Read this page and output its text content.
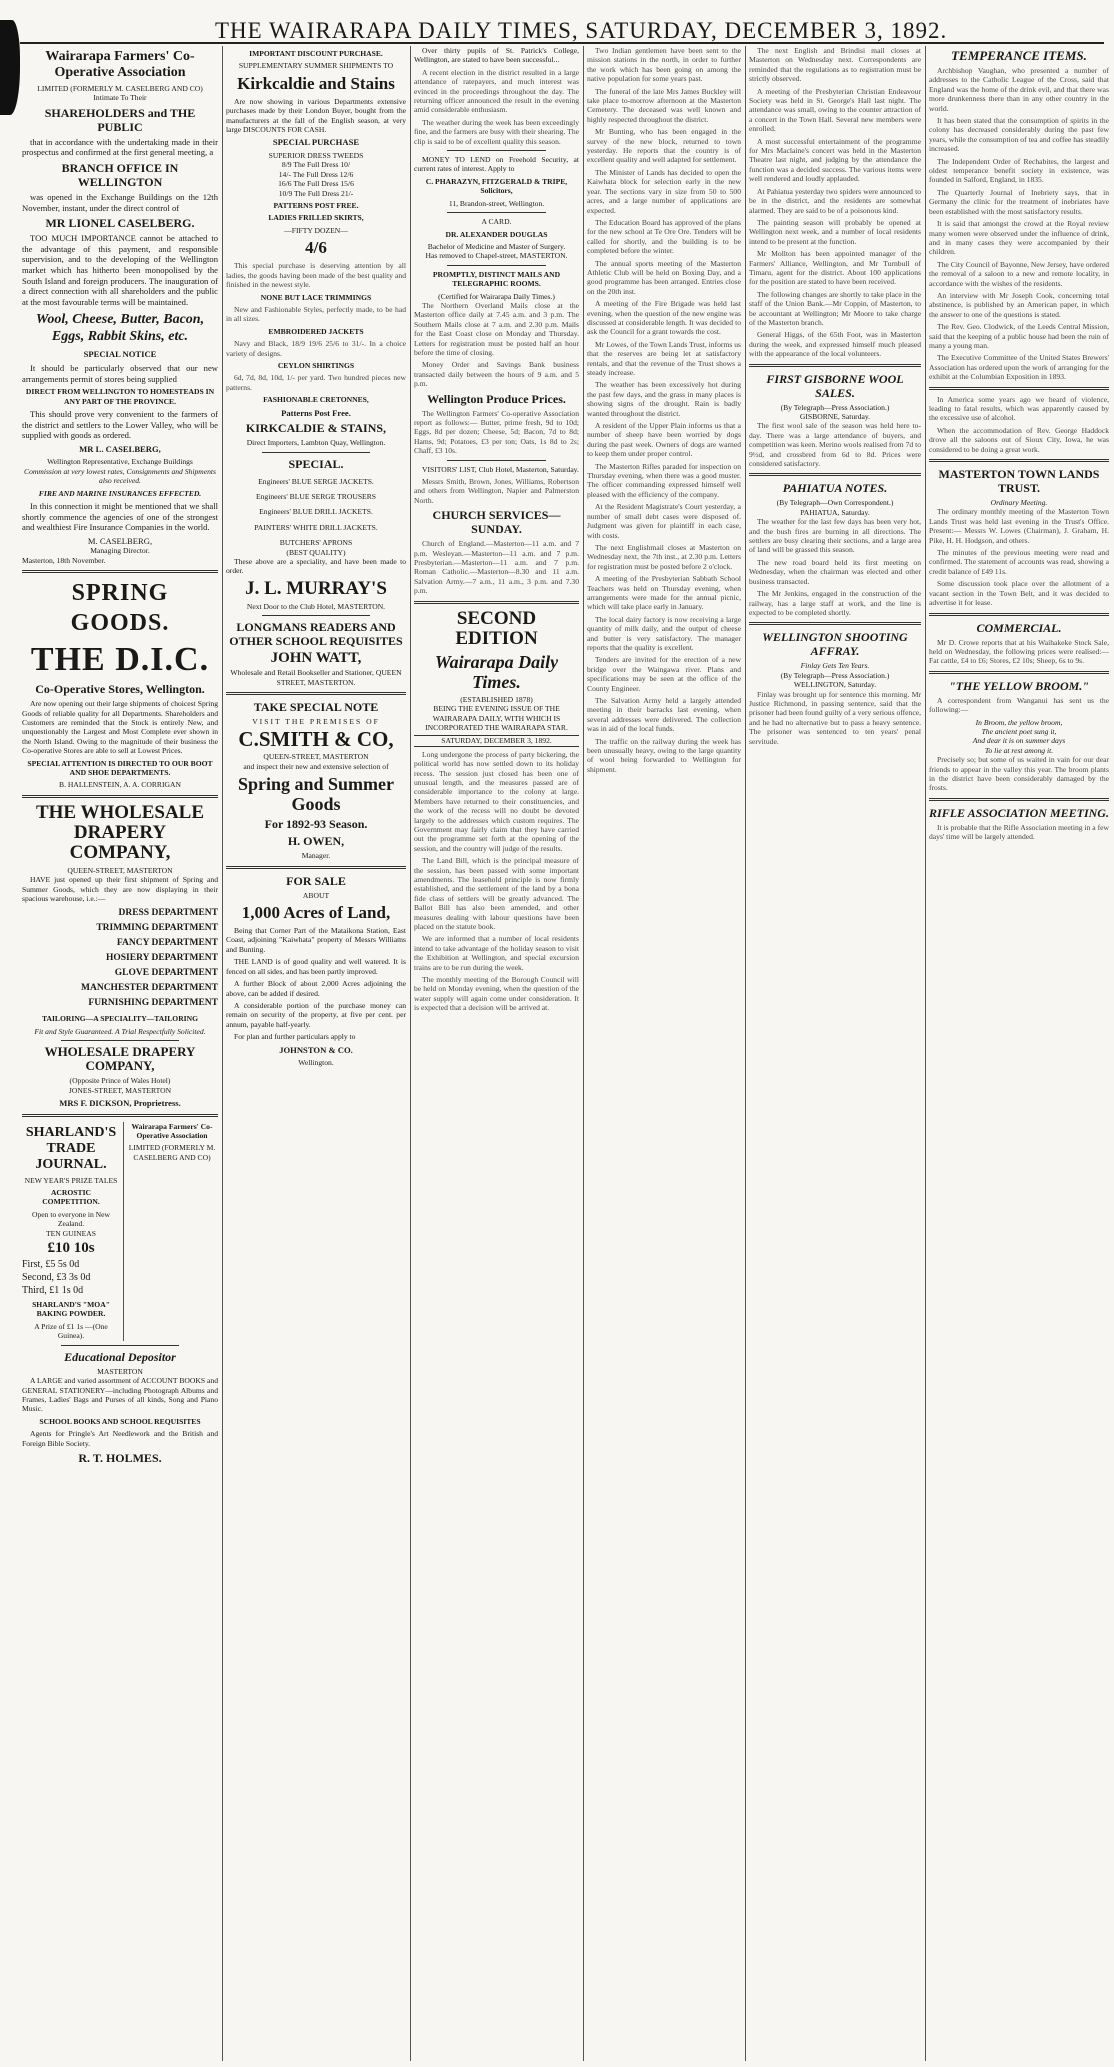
THE WAIRARAPA DAILY TIMES, SATURDAY, DECEMBER 3, 1892.
Wairarapa Farmers' Co-Operative Association
LIMITED (FORMERLY M. CASELBERG AND CO)
Intimate To Their
SHAREHOLDERS and THE PUBLIC

that in accordance with the undertaking made in their prospectus and confirmed at the first general meeting, a

BRANCH OFFICE IN WELLINGTON

was opened in the Exchange Buildings on the 12th November, instant, under the direct control of

MR LIONEL CASELBERG.

TOO MUCH IMPORTANCE cannot be attached to the advantage of this payment, and responsible supervision, and to the developing of the Wellington market which has hitherto been monopolised by the South Island and foreign producers. The inauguration of a direct connection with all shareholders and the public at the most favourable terms will be maintained.

Wool, Cheese, Butter, Bacon, Eggs, Rabbit Skins, etc.
SPECIAL NOTICE

It should be particularly observed that our new arrangements permit of stores being supplied

DIRECT FROM WELLINGTON TO HOMESTEADS IN ANY PART OF THE PROVINCE.

This should prove very convenient to the farmers of the district and settlers to the Lower Valley, who will be supplied with goods as ordered.

MR L. CASELBERG,
Wellington Representative, Exchange Buildings
Commission at very lowest rates, Consignments and Shipments also received.
FIRE AND MARINE INSURANCES EFFECTED.

In this connection it might be mentioned that we shall shortly commence the agencies of one of the strongest and wealthiest Fire Insurance Companies in the world.

M. CASELBERG,
Managing Director.
Masterton, 18th November.
SPRING GOODS.
THE D.I.C.
Co-Operative Stores, Wellington.

Are now opening out their large shipments of choicest Spring Goods of reliable quality for all Departments. Shareholders and Customers are reminded that the Stock is entirely New, and unquestionably the Largest and Most Complete ever shown in the North Island. Owing to the magnitude of their business the Co-operative Stores are able to sell at Lowest Prices.

SPECIAL ATTENTION IS DIRECTED TO OUR BOOT AND SHOE DEPARTMENTS.
B. HALLENSTEIN, A. A. CORRIGAN
THE WHOLESALE DRAPERY COMPANY,
QUEEN-STREET, MASTERTON

HAVE just opened up their first shipment of Spring and Summer Goods, which they are now displaying in their spacious warehouse, i.e.:—

DRESS DEPARTMENT
TRIMMING DEPARTMENT
FANCY DEPARTMENT
HOSIERY DEPARTMENT
GLOVE DEPARTMENT
MANCHESTER DEPARTMENT
FURNISHING DEPARTMENT
TAILORING—A SPECIALITY—TAILORING
Fit and Style Guaranteed. A Trial Respectfully Solicited.
WHOLESALE DRAPERY COMPANY,
(Opposite Prince of Wales Hotel)
JONES-STREET, MASTERTON
MRS F. DICKSON, Proprietress.
SHARLAND'S TRADE JOURNAL.
NEW YEAR'S PRIZE TALES
ACROSTIC COMPETITION.
Open to everyone in New Zealand.
TEN GUINEAS
£10 10s
First, £5 5s 0d
Second, £3 3s 0d
Third, £1 1s 0d
SHARLAND'S "MOA" BAKING POWDER.
A Prize of £1 1s —(One Guinea).
Wairarapa Farmers' Co-Operative Association
LIMITED (FORMERLY M. CASELBERG AND CO)
Educational Depositor
MASTERTON

A LARGE and varied assortment of ACCOUNT BOOKS and GENERAL STATIONERY—including Photograph Albums and Frames, Ladies' Bags and Purses of all kinds, Song and Piano Music.

SCHOOL BOOKS AND SCHOOL REQUISITES

Agents for Pringle's Art Needlework and the British and Foreign Bible Society.

R. T. HOLMES.
IMPORTANT DISCOUNT PURCHASE.
SUPPLEMENTARY SUMMER SHIPMENTS TO
Kirkcaldie and Stains

Are now showing in various Departments extensive purchases made by their London Buyer, bought from the manufacturers at the fall of the English season, at very large DISCOUNTS FOR CASH.

SPECIAL PURCHASE
SUPERIOR DRESS TWEEDS
8/9 The Full Dress 10/
14/- The Full Dress 12/6
16/6 The Full Dress 15/6
10/9 The Full Dress 21/-
PATTERNS POST FREE.
LADIES FRILLED SKIRTS,
—FIFTY DOZEN—
4/6

This special purchase is deserving attention by all ladies, the goods having been made of the best quality and finished in the newest style.

NONE BUT LACE TRIMMINGS

New and Fashionable Styles, perfectly made, to be had in all sizes.

EMBROIDERED JACKETS

Navy and Black, 18/9 19/6 25/6 to 31/-. In a choice variety of designs.

CEYLON SHIRTINGS

6d, 7d, 8d, 10d, 1/- per yard. Two hundred pieces new patterns.

FASHIONABLE CRETONNES,
Patterns Post Free.
KIRKCALDIE & STAINS,
Direct Importers, Lambton Quay, Wellington.
SPECIAL.
Engineers' BLUE SERGE JACKETS.
Engineers' BLUE SERGE TROUSERS
Engineers' BLUE DRILL JACKETS.
PAINTERS' WHITE DRILL JACKETS.
BUTCHERS' APRONS
(BEST QUALITY)

These above are a speciality, and have been made to order.

J. L. MURRAY'S
Next Door to the Club Hotel, MASTERTON.
LONGMANS READERS AND OTHER SCHOOL REQUISITES
JOHN WATT,
Wholesale and Retail Bookseller and Stationer, QUEEN STREET, MASTERTON.
TAKE SPECIAL NOTE
VISIT THE PREMISES OF
C.SMITH & CO,
QUEEN-STREET, MASTERTON
and inspect their new and extensive selection of
Spring and Summer Goods
For 1892-93 Season.
H. OWEN,
Manager.
FOR SALE
ABOUT
1,000 Acres of Land,

Being that Corner Part of the Mataikona Station, East Coast, adjoining "Kaiwhata" property of Messrs Williams and Bunting.

THE LAND is of good quality and well watered. It is fenced on all sides, and has been partly improved.

A further Block of about 2,000 Acres adjoining the above, can be added if desired.

A considerable portion of the purchase money can remain on security of the property, at five per cent. per annum, payable half-yearly.

For plan and further particulars apply to

JOHNSTON & CO.
Wellington.

Over thirty pupils of St. Patrick's College, Wellington, are stated to have been successful...

A recent election in the district resulted in a large attendance of ratepayers, and much interest was evinced in the proceedings throughout the day. The returning officer announced the result in the evening amid considerable enthusiasm.

The weather during the week has been exceedingly fine, and the farmers are busy with their shearing. The clip is said to be of excellent quality this season.

MONEY TO LEND on Freehold Security, at current rates of interest. Apply to

C. PHARAZYN, FITZGERALD & TRIPE, Solicitors,
11, Brandon-street, Wellington.
A CARD.
DR. ALEXANDER DOUGLAS
Bachelor of Medicine and Master of Surgery.
Has removed to Chapel-street, MASTERTON.
PROMPTLY, DISTINCT MAILS AND TELEGRAPHIC ROOMS.
(Certified for Wairarapa Daily Times.)

The Northern Overland Mails close at the Masterton office daily at 7.45 a.m. and 3 p.m. The Southern Mails close at 7 a.m. and 2.30 p.m. Mails for the East Coast close on Monday and Thursday. Letters for registration must be posted half an hour before the time of closing.

Money Order and Savings Bank business transacted daily between the hours of 9 a.m. and 5 p.m.

Wellington Produce Prices.

The Wellington Farmers' Co-operative Association report as follows:— Butter, prime fresh, 9d to 10d; Eggs, 8d per dozen; Cheese, 5d; Bacon, 7d to 8d; Hams, 9d; Potatoes, £3 per ton; Oats, 1s 8d to 2s; Chaff, £3 10s.

VISITORS' LIST, Club Hotel, Masterton, Saturday.

Messrs Smith, Brown, Jones, Williams, Robertson and others from Wellington, Napier and Palmerston North.

CHURCH SERVICES—SUNDAY.

Church of England.—Masterton—11 a.m. and 7 p.m. Wesleyan.—Masterton—11 a.m. and 7 p.m. Presbyterian.—Masterton—11 a.m. and 7 p.m. Roman Catholic.—Masterton—8.30 and 11 a.m. Salvation Army.—7 a.m., 11 a.m., 3 p.m. and 7.30 p.m.

SECOND EDITION
Wairarapa Daily Times.
(ESTABLISHED 1878)
BEING THE EVENING ISSUE OF THE WAIRARAPA DAILY, WITH WHICH IS INCORPORATED THE WAIRARAPA STAR.
SATURDAY, DECEMBER 3, 1892.

Long undergone the process of party bickering, the political world has now settled down to its holiday recess. The session just closed has been one of unusual length, and the measures passed are of considerable importance to the colony at large. Members have returned to their constituencies, and the work of the recess will no doubt be devoted largely to the addresses which custom requires. The Government may fairly claim that they have carried out the programme set forth at the opening of the session, and the country will judge of the results.

The Land Bill, which is the principal measure of the session, has been passed with some important amendments. The leasehold principle is now firmly established, and the settlement of the land by a bona fide class of settlers will be greatly advanced. The Ballot Bill has also been amended, and other measures dealing with labour questions have been placed on the statute book.

We are informed that a number of local residents intend to take advantage of the holiday season to visit the Exhibition at Wellington, and special excursion trains are to be run during the week.

The monthly meeting of the Borough Council will be held on Monday evening, when the question of the water supply will again come under consideration. It is expected that a decision will be arrived at.

Two Indian gentlemen have been sent to the mission stations in the north, in order to further the work which has been going on among the native population for some years past.

The funeral of the late Mrs James Buckley will take place to-morrow afternoon at the Masterton Cemetery. The deceased was well known and highly respected throughout the district.

Mr Bunting, who has been engaged in the survey of the new block, returned to town yesterday. He reports that the country is of excellent quality and well adapted for settlement.

The Minister of Lands has decided to open the Kaiwhata block for selection early in the new year. The sections vary in size from 50 to 500 acres, and a large number of applications are expected.

The Education Board has approved of the plans for the new school at Te Ore Ore. Tenders will be called for shortly, and the building is to be completed before the winter.

The annual sports meeting of the Masterton Athletic Club will be held on Boxing Day, and a good programme has been arranged. Entries close on the 20th inst.

A meeting of the Fire Brigade was held last evening, when the question of the new engine was discussed at considerable length. It was decided to ask the Council for a grant towards the cost.

Mr Lowes, of the Town Lands Trust, informs us that the reserves are being let at satisfactory rentals, and that the revenue of the Trust shows a steady increase.

The weather has been excessively hot during the past few days, and the grass in many places is showing signs of the drought. Rain is badly wanted throughout the district.

A resident of the Upper Plain informs us that a number of sheep have been worried by dogs during the past week. Owners of dogs are warned to keep them under proper control.

The Masterton Rifles paraded for inspection on Thursday evening, when there was a good muster. The officer commanding expressed himself well pleased with the efficiency of the company.

At the Resident Magistrate's Court yesterday, a number of small debt cases were disposed of. Judgment was given for plaintiff in each case, with costs.

The next Englishmail closes at Masterton on Wednesday next, the 7th inst., at 2.30 p.m. Letters for registration must be posted before 2 o'clock.

A meeting of the Presbyterian Sabbath School Teachers was held on Thursday evening, when arrangements were made for the annual picnic, which will take place early in January.

The local dairy factory is now receiving a large quantity of milk daily, and the output of cheese and butter is very satisfactory. The manager reports that the quality is excellent.

Tenders are invited for the erection of a new bridge over the Waingawa river. Plans and specifications may be seen at the office of the County Engineer.

The Salvation Army held a largely attended meeting in their barracks last evening, when several addresses were delivered. The collection was in aid of the local funds.

The traffic on the railway during the week has been unusually heavy, owing to the large quantity of wool being forwarded to Wellington for shipment.

The next English and Brindisi mail closes at Masterton on Wednesday next. Correspondents are reminded that the regulations as to registration must be strictly observed.

A meeting of the Presbyterian Christian Endeavour Society was held in St. George's Hall last night. The attendance was small, owing to the counter attraction of a concert in the Town Hall. Several new members were enrolled.

A most successful entertainment of the programme for Mrs Maclaine's concert was held in the Masterton Theatre last night, and judging by the attendance the function was a decided success. The various items were well rendered and loudly applauded.

At Pahiatua yesterday two spiders were announced to be in the district, and the residents are somewhat alarmed. They are said to be of a poisonous kind.

The painting season will probably be opened at Wellington next week, and a number of local residents intend to be present at the function.

Mr Mollton has been appointed manager of the Farmers' Alliance, Wellington, and Mr Turnbull of Timaru, agent for the district. About 100 applications for the position are stated to have been received.

The following changes are shortly to take place in the staff of the Union Bank.—Mr Coppin, of Masterton, to be accountant at Wellington; Mr Moore to take charge of the Masterton branch.

General Higgs, of the 65th Foot, was in Masterton during the week, and expressed himself much pleased with the appearance of the local volunteers.

FIRST GISBORNE WOOL SALES.
(By Telegraph—Press Association.)
GISBORNE, Saturday.

The first wool sale of the season was held here to-day. There was a large attendance of buyers, and competition was keen. Merino wools realised from 7d to 9½d, and crossbred from 6d to 8d. Prices were considered satisfactory.

PAHIATUA NOTES.
(By Telegraph—Own Correspondent.)
PAHIATUA, Saturday.

The weather for the last few days has been very hot, and the bush fires are burning in all directions. The settlers are busy clearing their sections, and a large area of land will be grassed this season.

The new road board held its first meeting on Wednesday, when the chairman was elected and other business transacted.

The Mr Jenkins, engaged in the construction of the railway, has a large staff at work, and the line is expected to be completed shortly.

WELLINGTON SHOOTING AFFRAY.
Finlay Gets Ten Years.
(By Telegraph—Press Association.)
WELLINGTON, Saturday.

Finlay was brought up for sentence this morning. Mr Justice Richmond, in passing sentence, said that the prisoner had been found guilty of a very serious offence, and he had no alternative but to pass a heavy sentence. The prisoner was sentenced to ten years' penal servitude.

TEMPERANCE ITEMS.

Archbishop Vaughan, who presented a number of addresses to the Catholic League of the Cross, said that England was the home of the drink evil, and that there was more drunkenness there than in any other country in the world.

It has been stated that the consumption of spirits in the colony has decreased considerably during the past few years, while the consumption of tea and coffee has steadily increased.

The Independent Order of Rechabites, the largest and oldest temperance benefit society in existence, was founded in Salford, England, in 1835.

The Quarterly Journal of Inebriety says, that in Germany the clinic for the treatment of inebriates have been established with the most satisfactory results.

It is said that amongst the crowd at the Royal review many women were observed under the influence of drink, and in many cases they were accompanied by their children.

The City Council of Bayonne, New Jersey, have ordered the removal of a saloon to a new and remote locality, in accordance with the wishes of the residents.

An interview with Mr Joseph Cook, concerning total abstinence, is published by an American paper, in which the answer to one of the questions is stated.

The Rev. Geo. Clodwick, of the Leeds Central Mission, said that the keeping of a public house had been the ruin of many a young man.

The Executive Committee of the United States Brewers' Association has ordered upon the work of arranging for the exhibit at the Columbian Exposition in 1893.

In America some years ago we heard of violence, leading to fatal results, which was apparently caused by the excessive use of alcohol.

When the accommodation of Rev. George Haddock drove all the saloons out of Sioux City, Iowa, he was considered to be doing a great work.

MASTERTON TOWN LANDS TRUST.
Ordinary Meeting.

The ordinary monthly meeting of the Masterton Town Lands Trust was held last evening in the Trust's Office. Present:— Messrs W. Lowes (Chairman), J. Graham, H. Pike, H. H. Hodgson, and others.

The minutes of the previous meeting were read and confirmed. The statement of accounts was read, showing a credit balance of £49 11s.

Some discussion took place over the allotment of a vacant section in the Town Belt, and it was decided to advertise it for lease.

COMMERCIAL.

Mr D. Crowe reports that at his Waihakeke Stock Sale, held on Wednesday, the following prices were realised:— Fat cattle, £4 to £6; Stores, £2 10s; Sheep, 6s to 9s.

"THE YELLOW BROOM."

A correspondent from Wanganui has sent us the following:—

In Broom, the yellow broom,
The ancient poet sung it,
And dear it is on summer days
To lie at rest among it.

Precisely so; but some of us waited in vain for our dear friends to appear in the valley this year. The broom plants in the district have been considerably damaged by the frosts.

RIFLE ASSOCIATION MEETING.

It is probable that the Rifle Association meeting in a few days' time will be largely attended.
